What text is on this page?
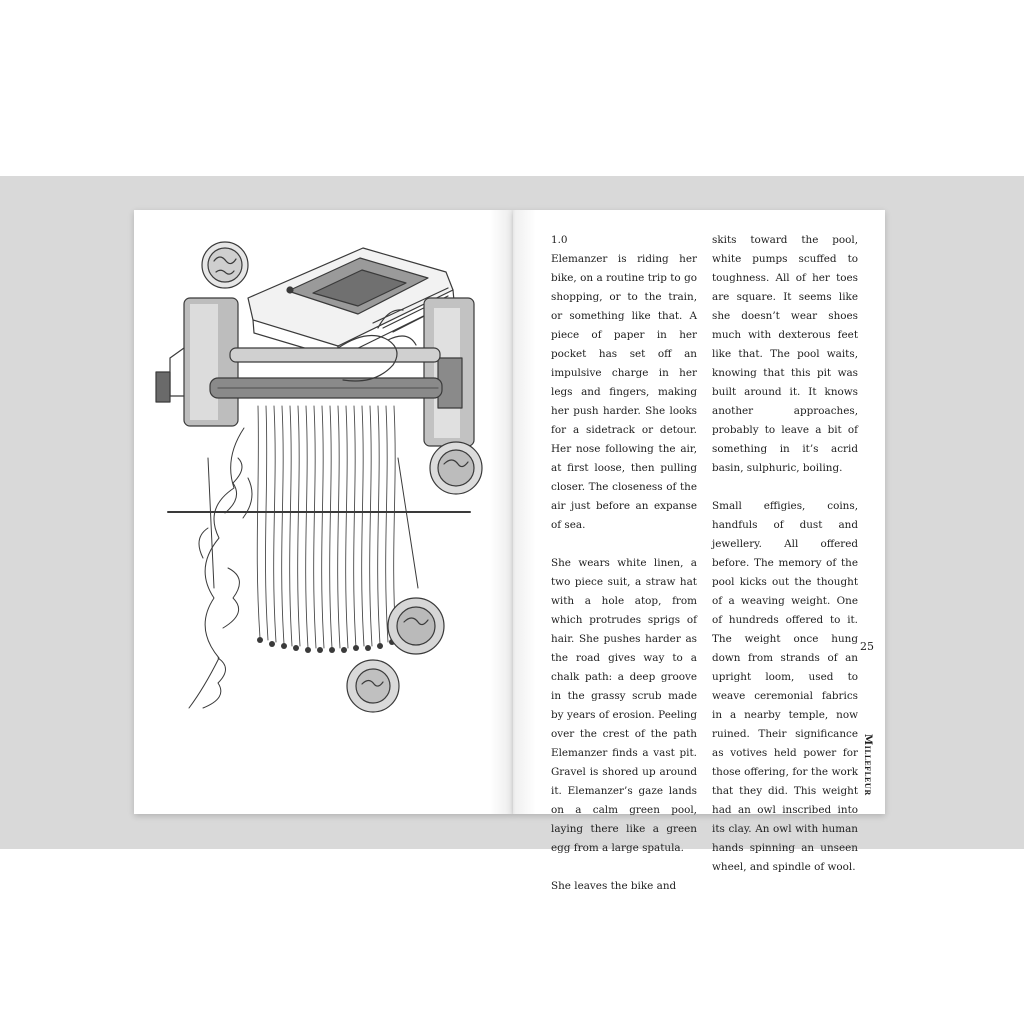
1.0

Elemanzer is riding her bike, on a routine trip to go shopping, or to the train, or something like that. A piece of paper in her pocket has set off an impulsive charge in her legs and fingers, making her push harder. She looks for a sidetrack or detour. Her nose following the air, at first loose, then pulling closer. The closeness of the air just before an expanse of sea.

She wears white linen, a two piece suit, a straw hat with a hole atop, from which protrudes sprigs of hair. She pushes harder as the road gives way to a chalk path: a deep groove in the grassy scrub made by years of erosion. Peeling over the crest of the path Elemanzer finds a vast pit. Gravel is shored up around it. Elemanzer’s gaze lands on a calm green pool, laying there like a green egg from a large spatula.

She leaves the bike and

skits toward the pool, white pumps scuffed to toughness. All of her toes are square. It seems like she doesn’t wear shoes much with dexterous feet like that. The pool waits, knowing that this pit was built around it. It knows another approaches, probably to leave a bit of something in it’s acrid basin, sulphuric, boiling.

Small effigies, coins, handfuls of dust and jewellery. All offered before. The memory of the pool kicks out the thought of a weaving weight. One of hundreds offered to it. The weight once hung down from strands of an upright loom, used to weave ceremonial fabrics in a nearby temple, now ruined. Their significance as votives held power for those offering, for the work that they did. This weight had an owl inscribed into its clay. An owl with human hands spinning an unseen wheel, and spindle of wool.

25
Millefleur
